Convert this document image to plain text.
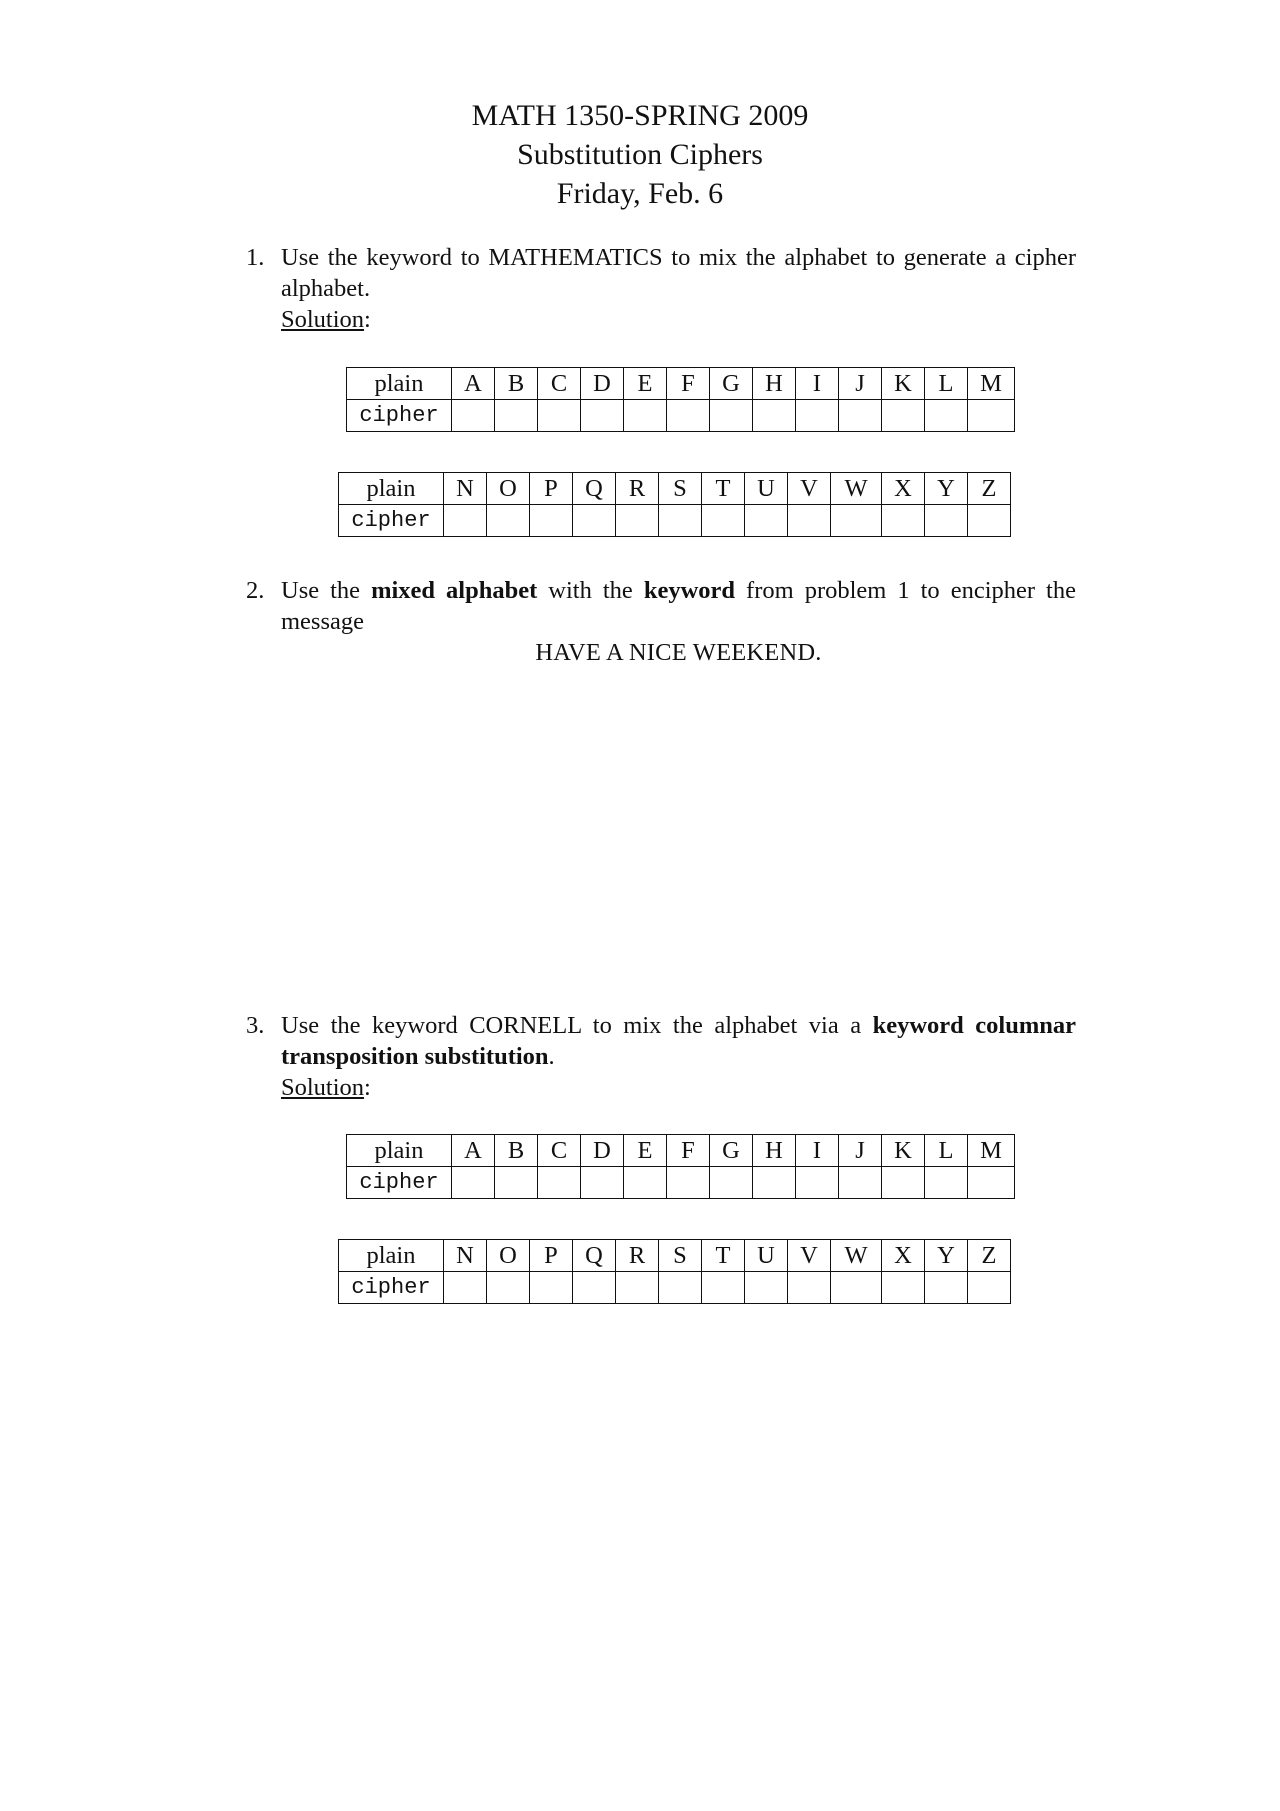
MATH 1350-SPRING 2009
Substitution Ciphers
Friday, Feb. 6
1. Use the keyword to MATHEMATICS to mix the alphabet to generate a cipher alphabet.
Solution:
plain	A	B	C	D	E	F	G	H	I	J	K	L	M
cipher													
plain	N	O	P	Q	R	S	T	U	V	W	X	Y	Z
cipher													
2. Use the mixed alphabet with the keyword from problem 1 to encipher the message
HAVE A NICE WEEKEND.
3. Use the keyword CORNELL to mix the alphabet via a keyword columnar transposition substitution.
Solution:
plain	A	B	C	D	E	F	G	H	I	J	K	L	M
cipher													
plain	N	O	P	Q	R	S	T	U	V	W	X	Y	Z
cipher													
